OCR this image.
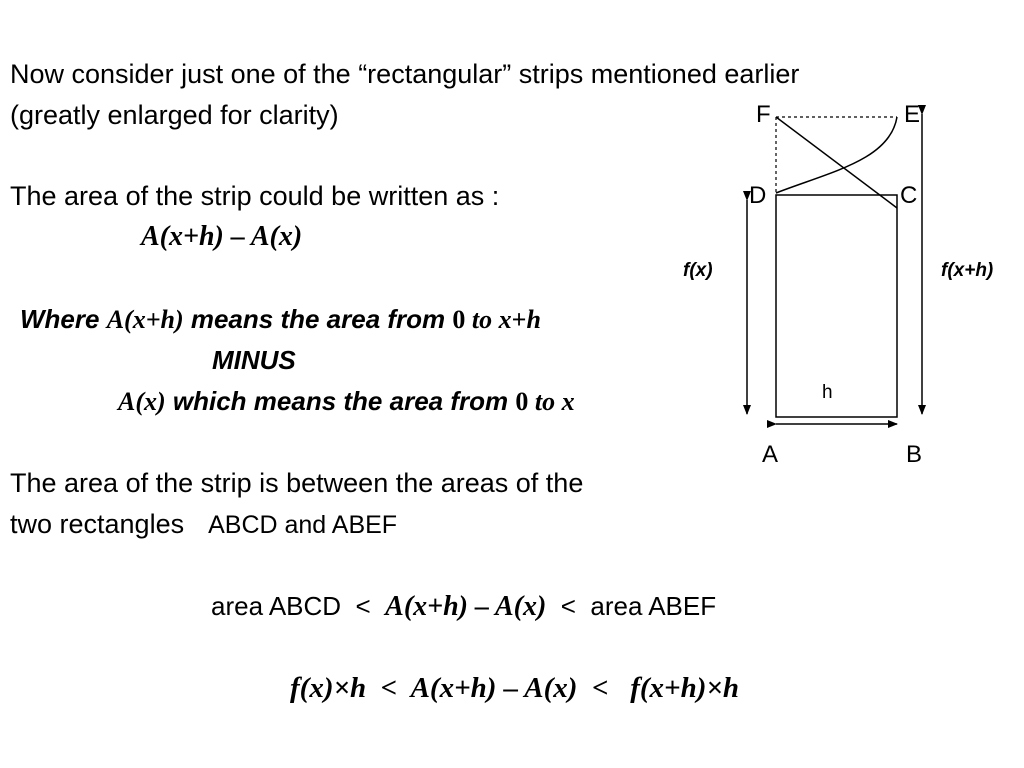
Now consider just one of the “rectangular” strips mentioned earlier
(greatly enlarged for clarity)
The area of the strip could be written as :
A(x+h) – A(x)
Where A(x+h) means the area from 0 to x+h
MINUS
A(x) which means the area from 0 to x
The area of the strip is between the areas of the
two rectangles ABCD and ABEF
area ABCD  <  A(x+h) – A(x)  <  area ABEF
f(x)×h  <  A(x+h) – A(x)  <   f(x+h)×h
F	E
D	C
A	B
f(x)	f(x+h)
h
